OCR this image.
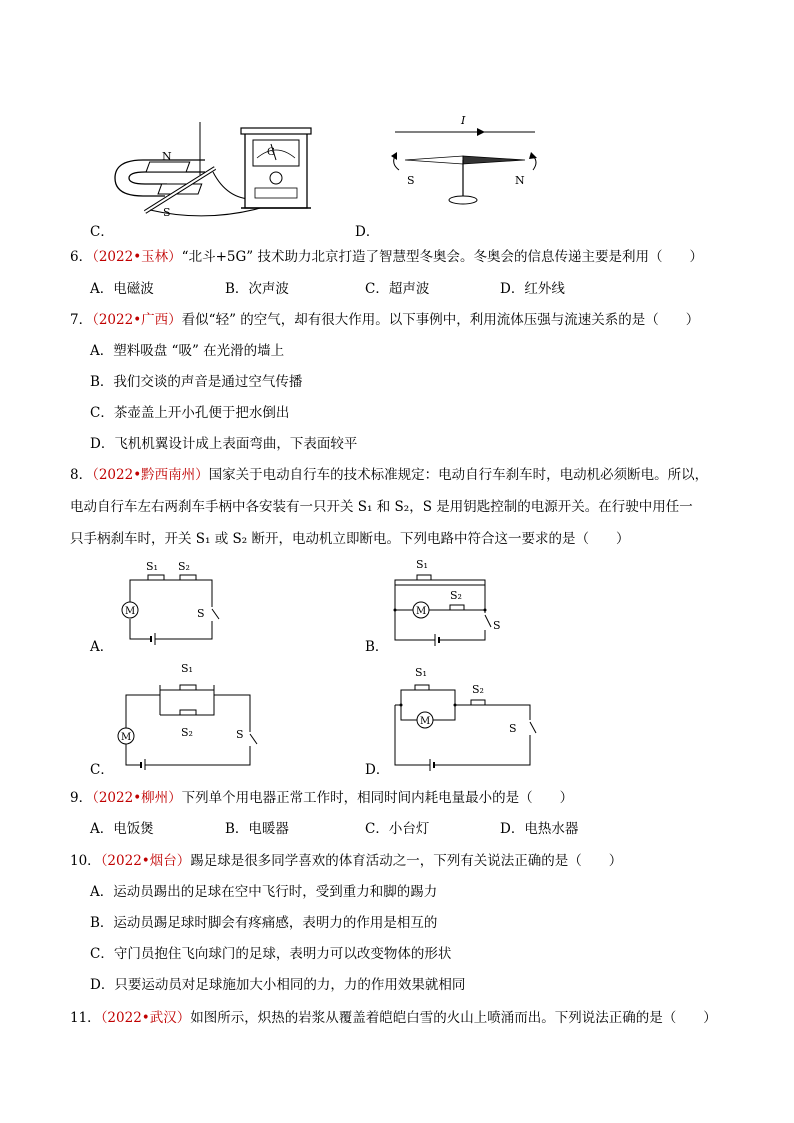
G
N
S
C．
I
S	N
D．
6．（2022•玉林）“北斗+5G” 技术助力北京打造了智慧型冬奥会。冬奥会的信息传递主要是利用（　　）
A．电磁波	B．次声波	C．超声波	D．红外线
7．（2022•广西）看似“轻” 的空气，却有很大作用。以下事例中，利用流体压强与流速关系的是（　　）
A．塑料吸盘 “吸” 在光滑的墙上
B．我们交谈的声音是通过空气传播
C．茶壶盖上开小孔便于把水倒出
D．飞机机翼设计成上表面弯曲，下表面较平
8．（2022•黔西南州）国家关于电动自行车的技术标准规定：电动自行车刹车时，电动机必须断电。所以，
电动自行车左右两刹车手柄中各安装有一只开关 S₁ 和 S₂，S 是用钥匙控制的电源开关。在行驶中用任一
只手柄刹车时，开关 S₁ 或 S₂ 断开，电动机立即断电。下列电路中符合这一要求的是（　　）
M
S₁ S₂
S
A．
M
S₁
S₂
S
B．
M
S₁
S₂	S
C．
M
S₁
S₂
S
D．
9．（2022•柳州）下列单个用电器正常工作时，相同时间内耗电量最小的是（　　）
A．电饭煲	B．电暖器	C．小台灯	D．电热水器
10．（2022•烟台）踢足球是很多同学喜欢的体育活动之一，下列有关说法正确的是（　　）
A．运动员踢出的足球在空中飞行时，受到重力和脚的踢力
B．运动员踢足球时脚会有疼痛感，表明力的作用是相互的
C．守门员抱住飞向球门的足球，表明力可以改变物体的形状
D．只要运动员对足球施加大小相同的力，力的作用效果就相同
11．（2022•武汉）如图所示，炽热的岩浆从覆盖着皑皑白雪的火山上喷涌而出。下列说法正确的是（　　）
